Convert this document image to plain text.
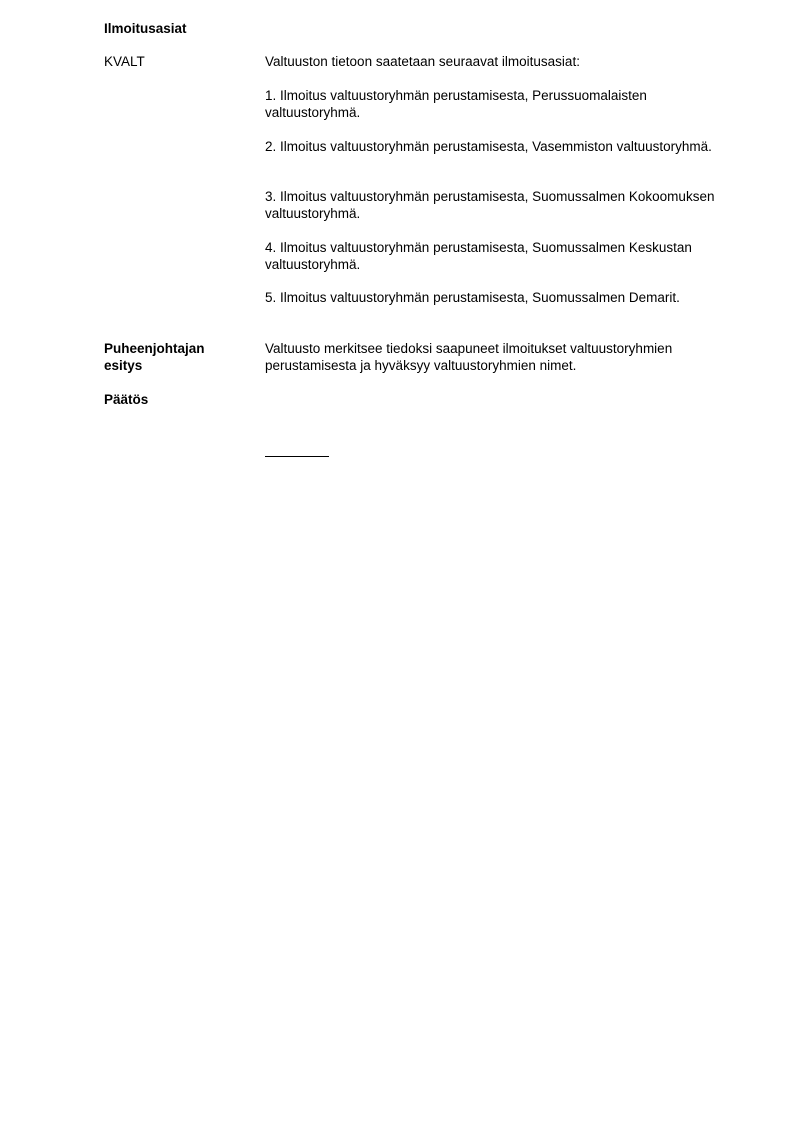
Ilmoitusasiat
KVALT	Valtuuston tietoon saatetaan seuraavat ilmoitusasiat:

1. Ilmoitus valtuustoryhmän perustamisesta, Perussuomalaisten valtuustoryhmä.

2. Ilmoitus valtuustoryhmän perustamisesta, Vasemmiston valtuustoryhmä.

3. Ilmoitus valtuustoryhmän perustamisesta, Suomussalmen Kokoomuksen valtuustoryhmä.

4. Ilmoitus valtuustoryhmän perustamisesta, Suomussalmen Keskustan valtuustoryhmä.

5. Ilmoitus valtuustoryhmän perustamisesta, Suomussalmen Demarit.

Puheenjohtajan
esitys

Valtuusto merkitsee tiedoksi saapuneet ilmoitukset valtuustoryhmien perustamisesta ja hyväksyy valtuustoryhmien nimet.

Päätös
